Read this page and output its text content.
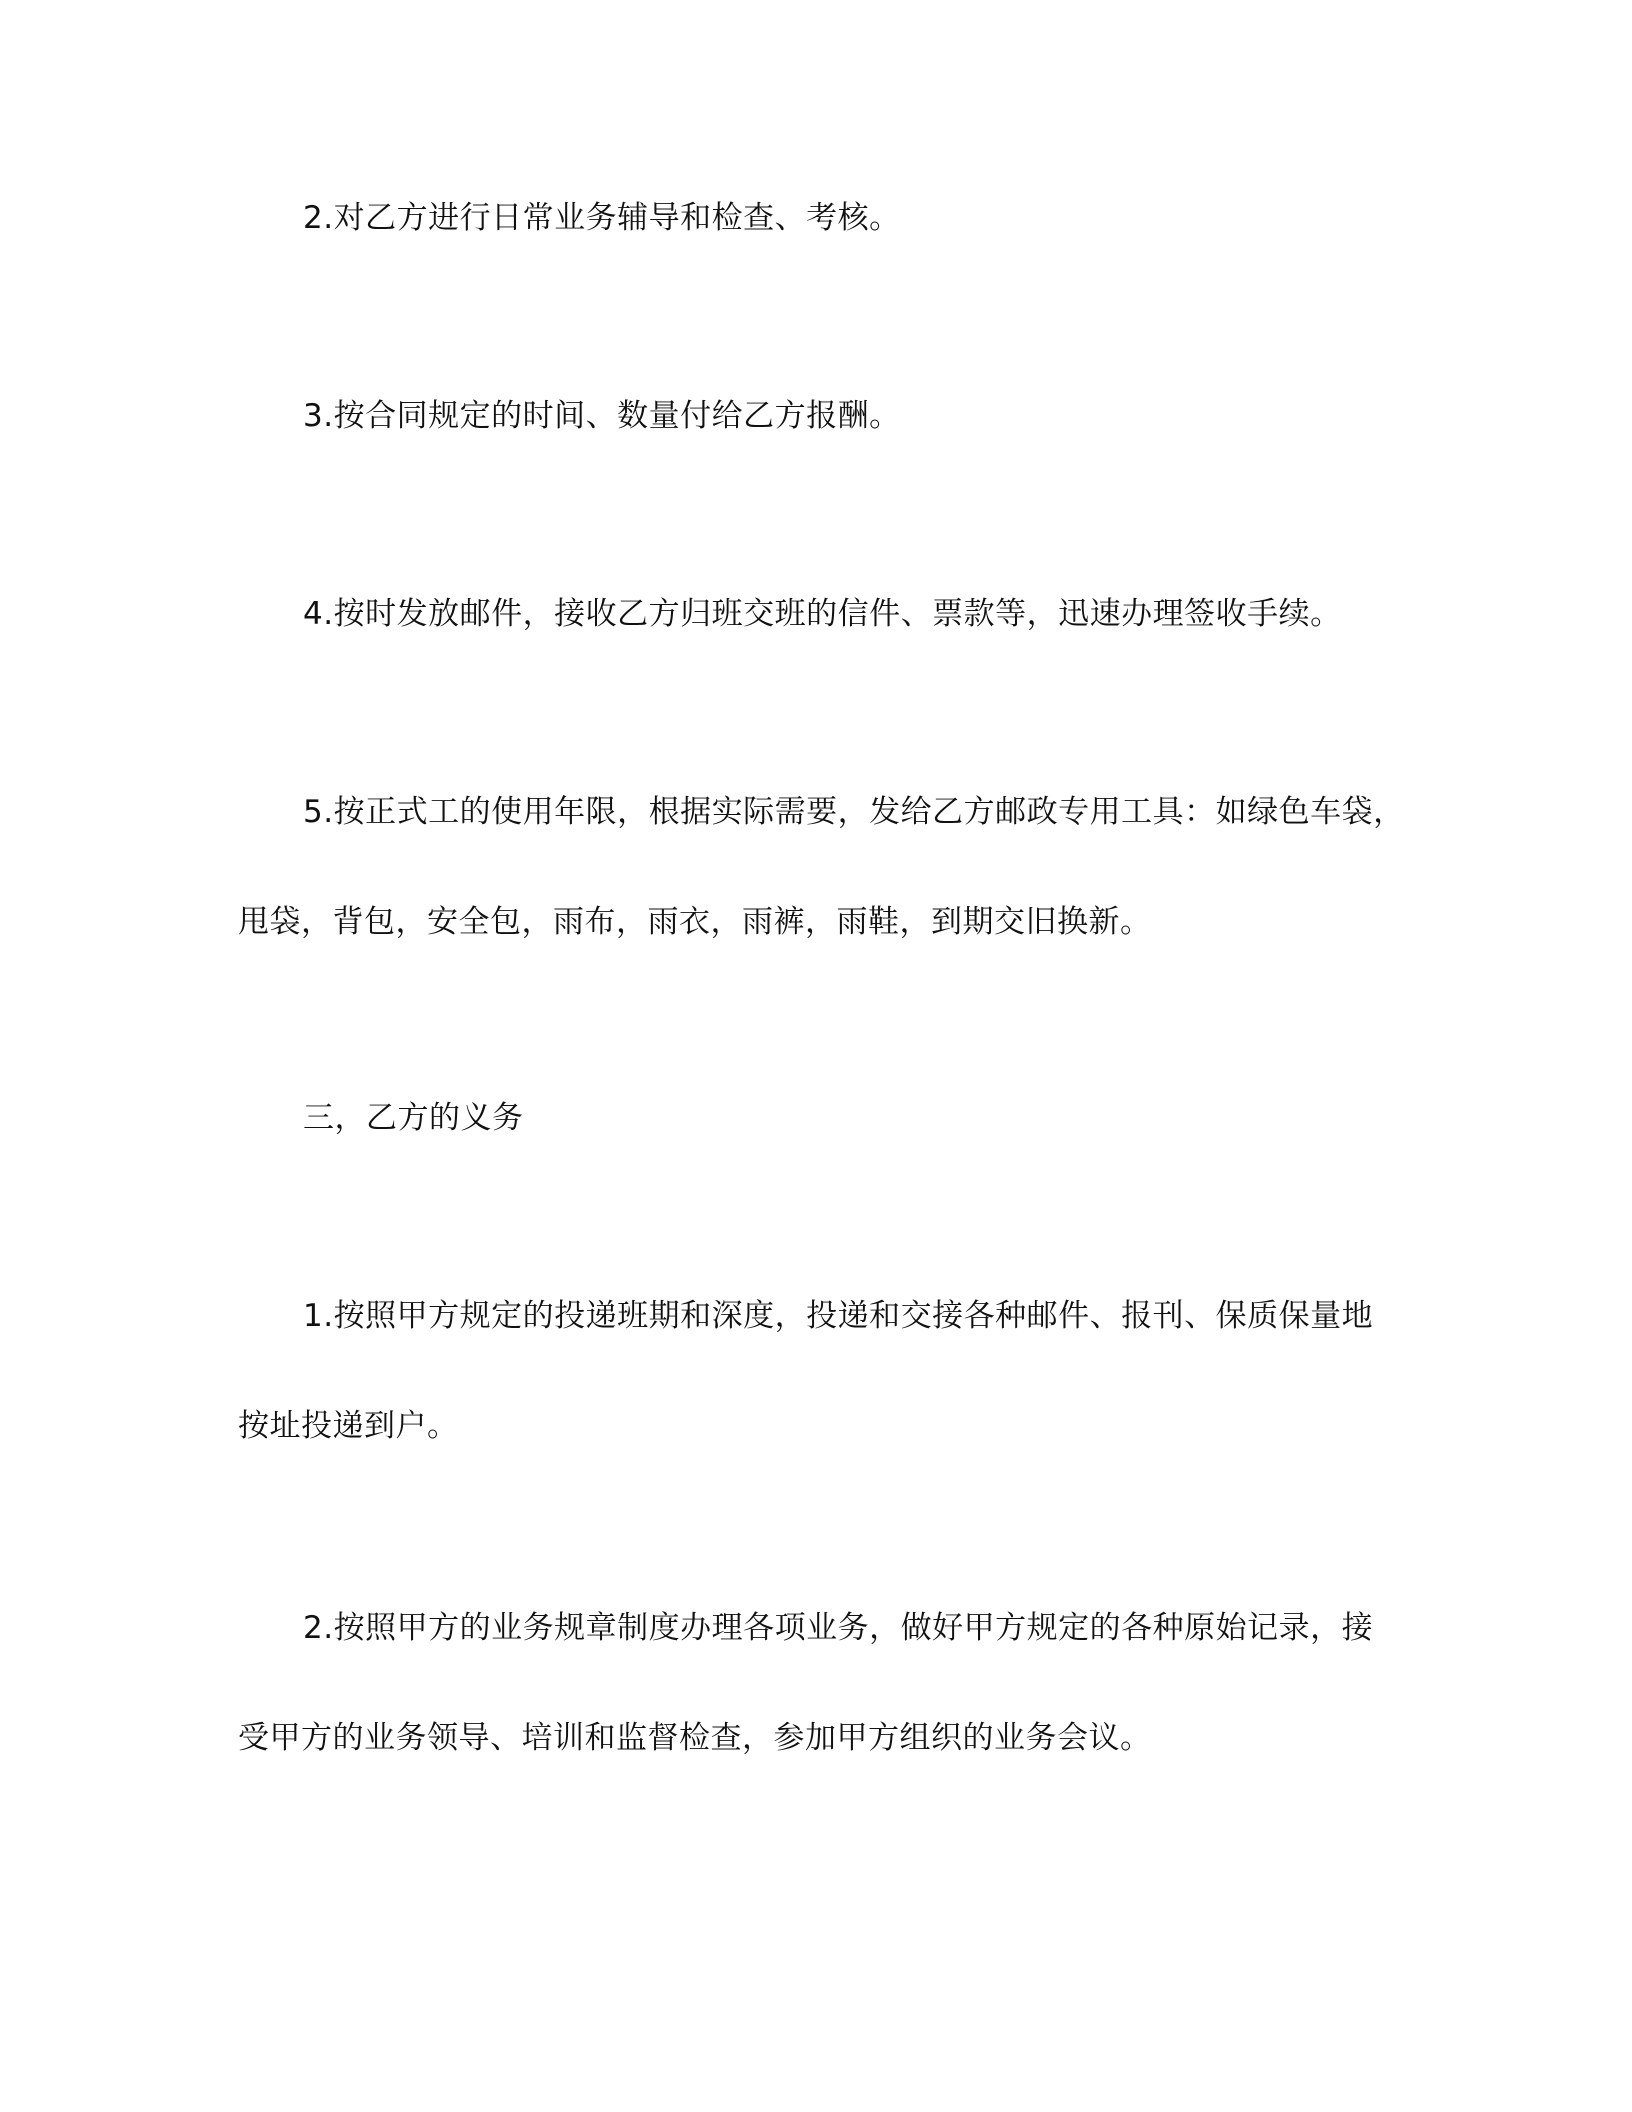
2.对乙方进行日常业务辅导和检查、考核。
3.按合同规定的时间、数量付给乙方报酬。
4.按时发放邮件，接收乙方归班交班的信件、票款等，迅速办理签收手续。
5.按正式工的使用年限，根据实际需要，发给乙方邮政专用工具：如绿色车袋，
甩袋，背包，安全包，雨布，雨衣，雨裤，雨鞋，到期交旧换新。
三，乙方的义务
1.按照甲方规定的投递班期和深度，投递和交接各种邮件、报刊、保质保量地
按址投递到户。
2.按照甲方的业务规章制度办理各项业务，做好甲方规定的各种原始记录，接
受甲方的业务领导、培训和监督检查，参加甲方组织的业务会议。
